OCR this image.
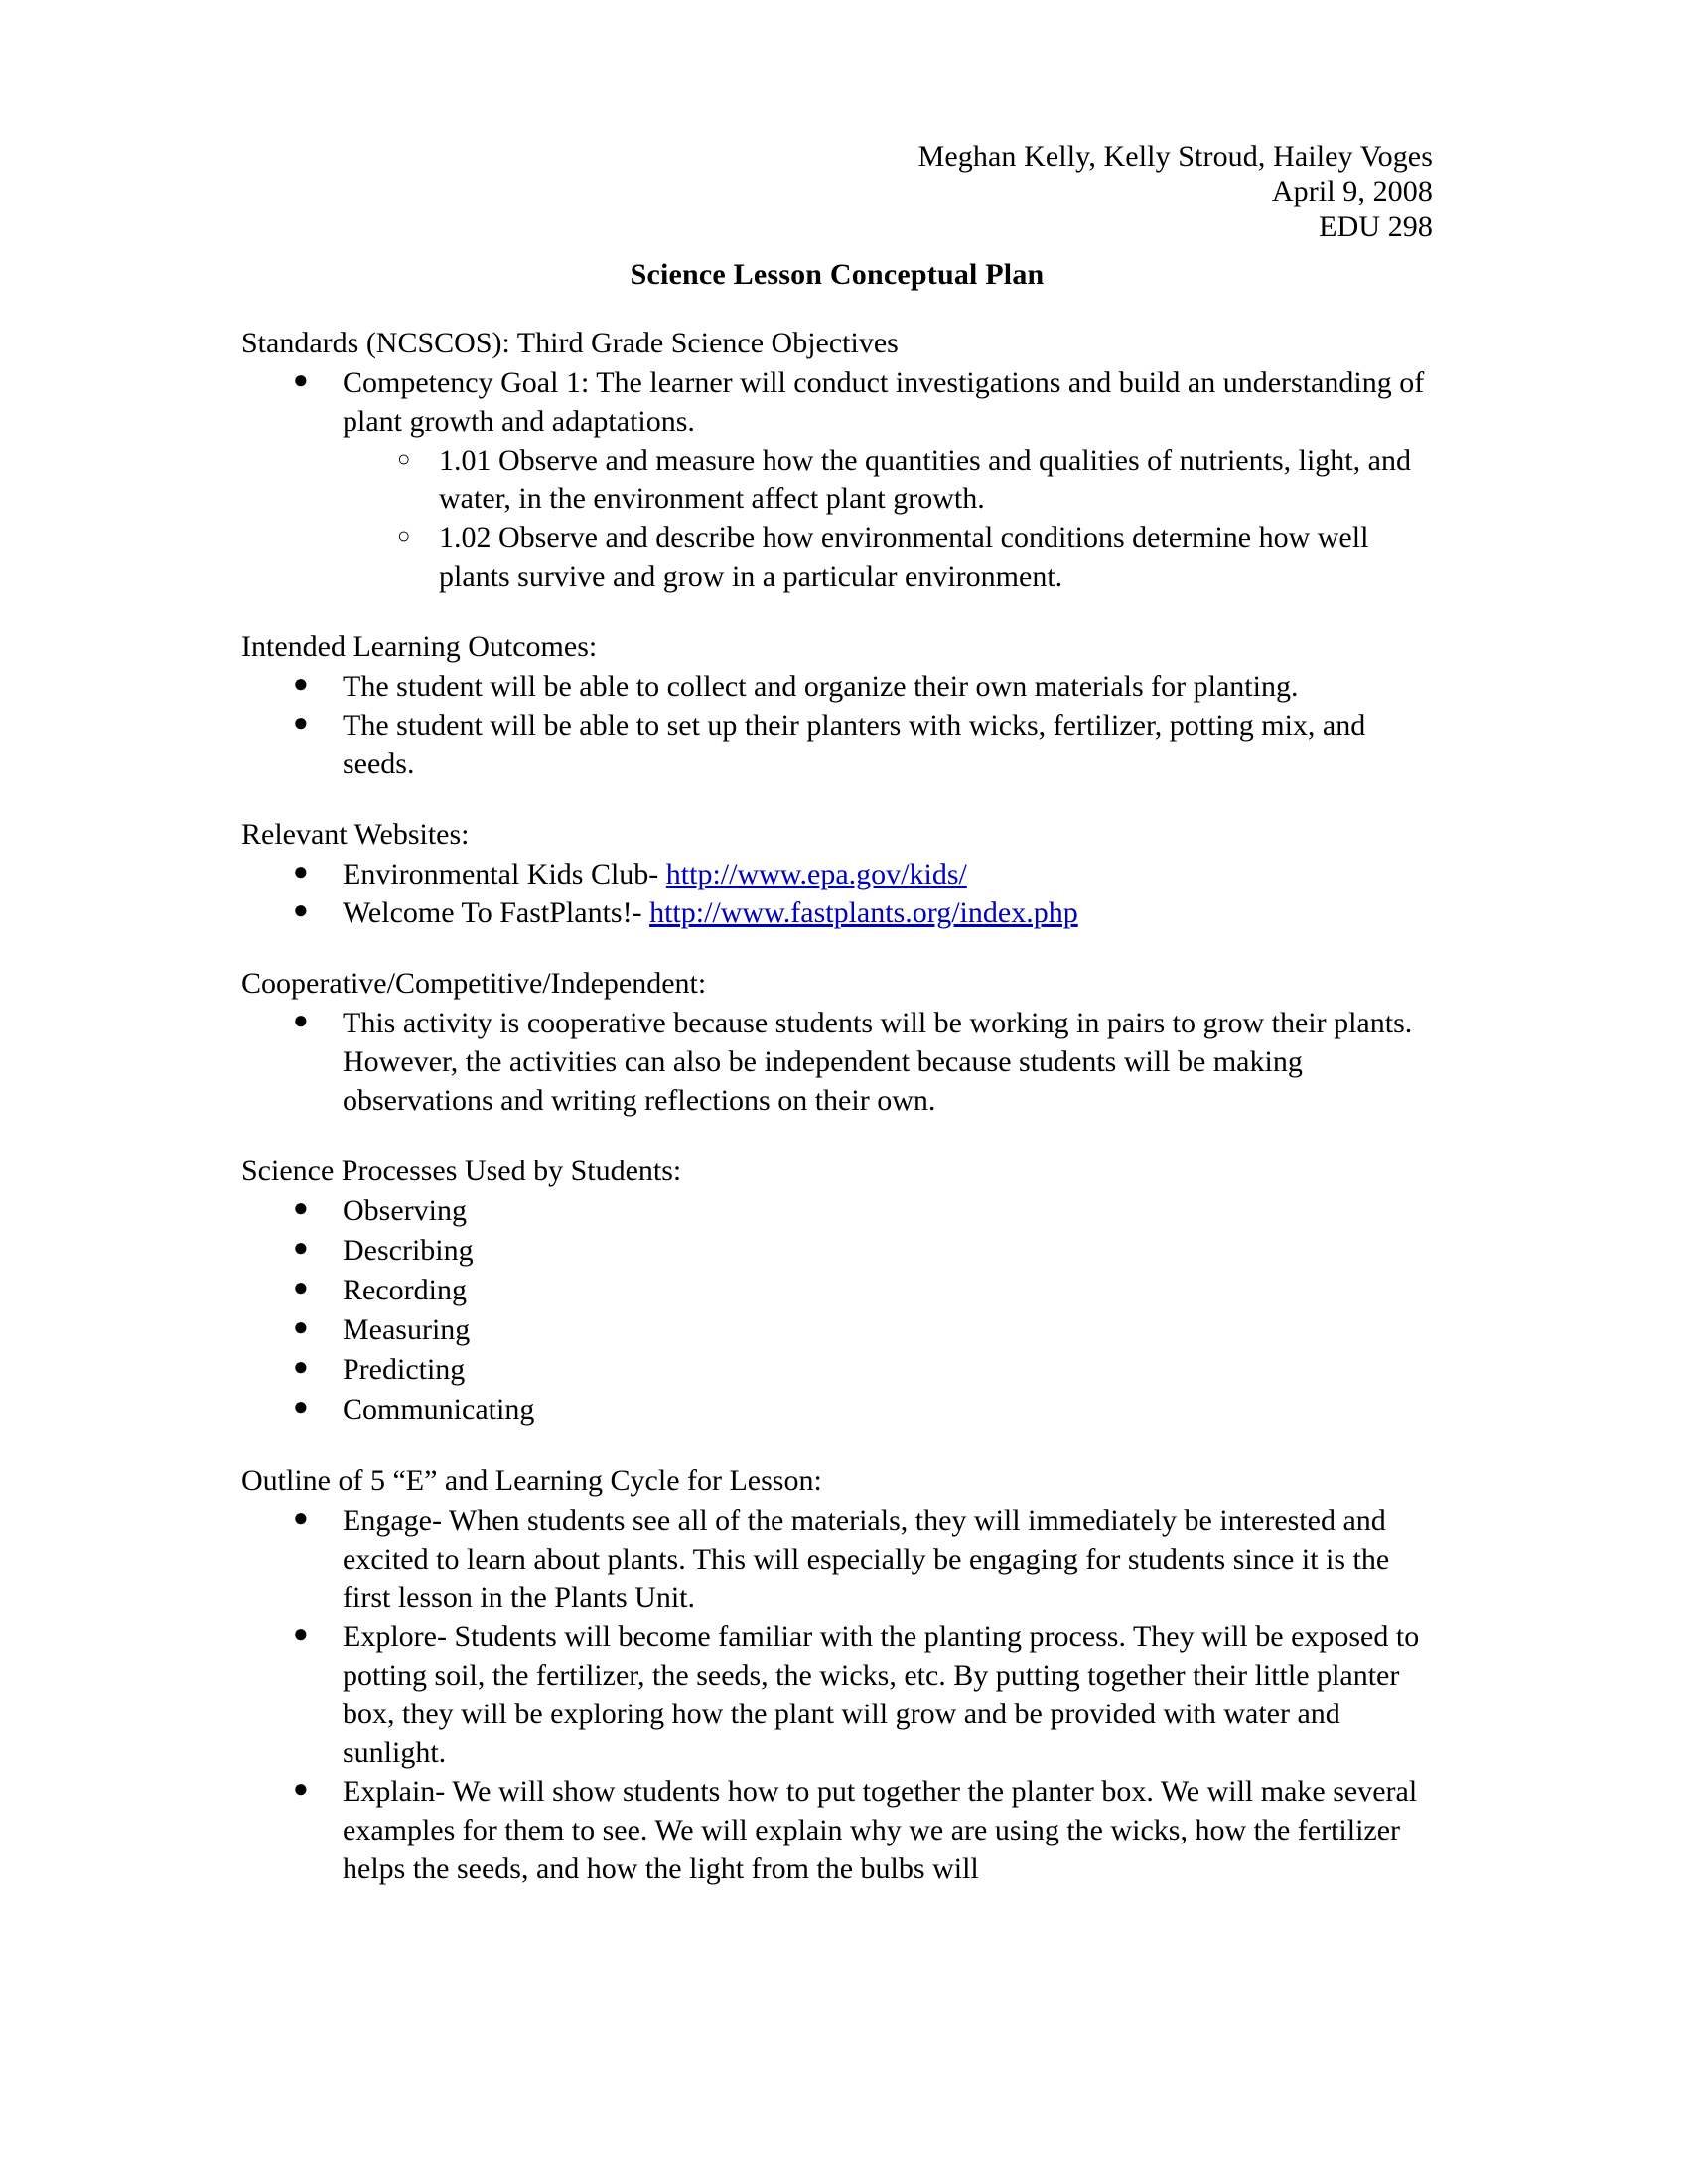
Meghan Kelly, Kelly Stroud, Hailey Voges
April 9, 2008
EDU 298
Science Lesson Conceptual Plan
Standards (NCSCOS): Third Grade Science Objectives
● Competency Goal 1: The learner will conduct investigations and build an understanding of plant growth and adaptations.
○ 1.01 Observe and measure how the quantities and qualities of nutrients, light, and water, in the environment affect plant growth.
○ 1.02 Observe and describe how environmental conditions determine how well plants survive and grow in a particular environment.
Intended Learning Outcomes:
● The student will be able to collect and organize their own materials for planting.
● The student will be able to set up their planters with wicks, fertilizer, potting mix, and seeds.
Relevant Websites:
● Environmental Kids Club- http://www.epa.gov/kids/
● Welcome To FastPlants!- http://www.fastplants.org/index.php
Cooperative/Competitive/Independent:
● This activity is cooperative because students will be working in pairs to grow their plants. However, the activities can also be independent because students will be making observations and writing reflections on their own.
Science Processes Used by Students:
● Observing
● Describing
● Recording
● Measuring
● Predicting
● Communicating
Outline of 5 “E” and Learning Cycle for Lesson:
● Engage- When students see all of the materials, they will immediately be interested and excited to learn about plants. This will especially be engaging for students since it is the first lesson in the Plants Unit.
● Explore- Students will become familiar with the planting process. They will be exposed to potting soil, the fertilizer, the seeds, the wicks, etc. By putting together their little planter box, they will be exploring how the plant will grow and be provided with water and sunlight.
● Explain- We will show students how to put together the planter box. We will make several examples for them to see. We will explain why we are using the wicks, how the fertilizer helps the seeds, and how the light from the bulbs will
